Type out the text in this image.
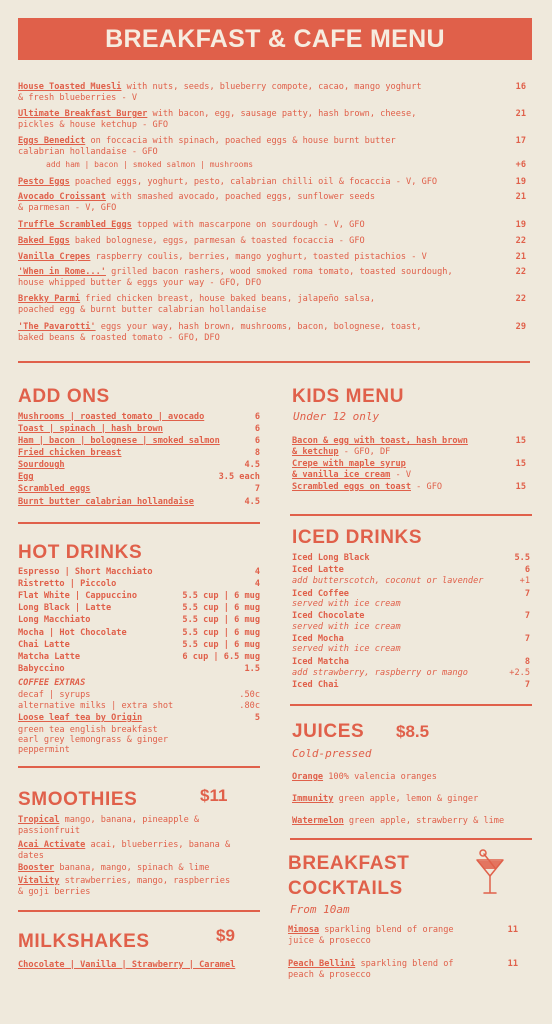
BREAKFAST & CAFE MENU
House Toasted Muesli with nuts, seeds, blueberry compote, cacao, mango yoghurt
& fresh blueberries - V
16
Ultimate Breakfast Burger with bacon, egg, sausage patty, hash brown, cheese,
pickles & house ketchup - GFO
21
Eggs Benedict on foccacia with spinach, poached eggs & house burnt butter
calabrian hollandaise - GFO
17
add ham | bacon | smoked salmon | mushrooms	+6
Pesto Eggs poached eggs, yoghurt, pesto, calabrian chilli oil & focaccia - V, GFO	19
Avocado Croissant with smashed avocado, poached eggs, sunflower seeds
& parmesan - V, GFO
21
Truffle Scrambled Eggs topped with mascarpone on sourdough - V, GFO	19
Baked Eggs baked bolognese, eggs, parmesan & toasted focaccia - GFO	22
Vanilla Crepes raspberry coulis, berries, mango yoghurt, toasted pistachios - V	21
'When in Rome...' grilled bacon rashers, wood smoked roma tomato, toasted sourdough,
house whipped butter & eggs your way - GFO, DFO
22
Brekky Parmi fried chicken breast, house baked beans, jalapeño salsa,
poached egg & burnt butter calabrian hollandaise
22
'The Pavarotti' eggs your way, hash brown, mushrooms, bacon, bolognese, toast,
baked beans & roasted tomato - GFO, DFO
29
ADD ONS
Mushrooms | roasted tomato | avocado	6
Toast | spinach | hash brown	6
Ham | bacon | bolognese | smoked salmon	6
Fried chicken breast	8
Sourdough	4.5
Egg	3.5 each
Scrambled eggs	7
Burnt butter calabrian hollandaise	4.5
KIDS MENU
Under 12 only
Bacon & egg with toast, hash brown
& ketchup - GFO, DF
15
Crepe with maple syrup
& vanilla ice cream - V
15
Scrambled eggs on toast - GFO	15
HOT DRINKS
Espresso | Short Macchiato	4
Ristretto | Piccolo	4
Flat White | Cappuccino	5.5 cup | 6 mug
Long Black | Latte	5.5 cup | 6 mug
Long Macchiato	5.5 cup | 6 mug
Mocha | Hot Chocolate	5.5 cup | 6 mug
Chai Latte	5.5 cup | 6 mug
Matcha Latte	6 cup | 6.5 mug
Babyccino	1.5
COFFEE EXTRAS
decaf | syrups	.50c
alternative milks | extra shot	.80c
Loose leaf tea by Origin	5
green tea english breakfast
earl grey lemongrass & ginger
peppermint
ICED DRINKS
Iced Long Black	5.5
Iced Latte	6
add butterscotch, coconut or lavender	+1
Iced Coffee	7
served with ice cream
Iced Chocolate	7
served with ice cream
Iced Mocha	7
served with ice cream
Iced Matcha	8
add strawberry, raspberry or mango	+2.5
Iced Chai	7
JUICES $8.5
Cold-pressed
Orange 100% valencia oranges
Immunity green apple, lemon & ginger
Watermelon green apple, strawberry & lime
SMOOTHIES	$11
Tropical mango, banana, pineapple &
passionfruit
Acai Activate acai, blueberries, banana &
dates
Booster banana, mango, spinach & lime
Vitality strawberries, mango, raspberries
& goji berries
MILKSHAKES	$9
Chocolate | Vanilla | Strawberry | Caramel
BREAKFAST
COCKTAILS
From 10am
Mimosa sparkling blend of orange
juice & prosecco
11
Peach Bellini sparkling blend of
peach & prosecco
11
